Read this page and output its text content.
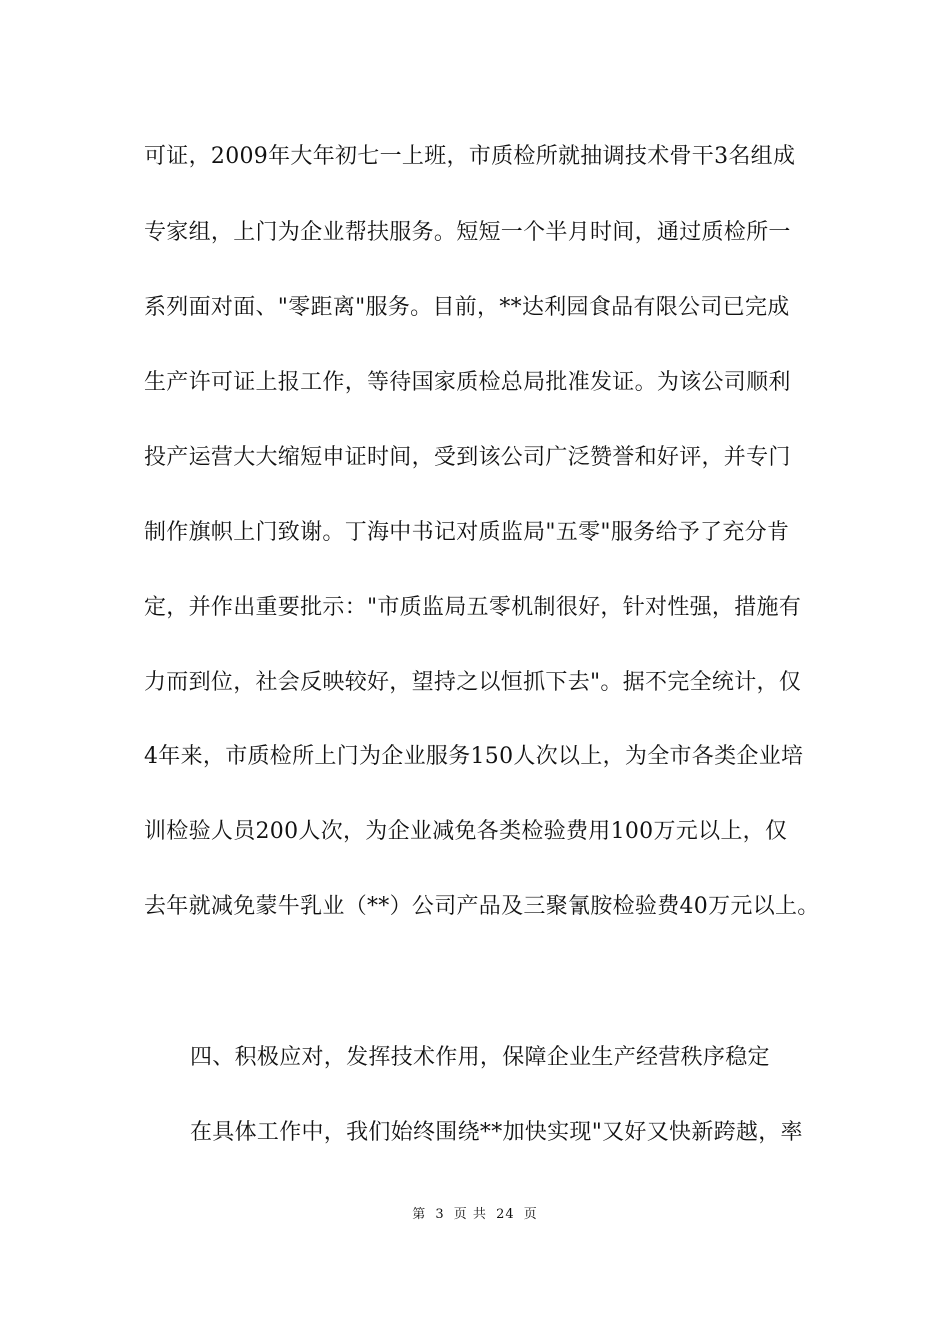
可证，2009年大年初七一上班，市质检所就抽调技术骨干3名组成
专家组，上门为企业帮扶服务。短短一个半月时间，通过质检所一
系列面对面、"零距离"服务。目前，**达利园食品有限公司已完成
生产许可证上报工作，等待国家质检总局批准发证。为该公司顺利
投产运营大大缩短申证时间，受到该公司广泛赞誉和好评，并专门
制作旗帜上门致谢。丁海中书记对质监局"五零"服务给予了充分肯
定，并作出重要批示："市质监局五零机制很好，针对性强，措施有
力而到位，社会反映较好，望持之以恒抓下去"。据不完全统计，仅
4年来，市质检所上门为企业服务150人次以上，为全市各类企业培
训检验人员200人次，为企业减免各类检验费用100万元以上，仅
去年就减免蒙牛乳业（**）公司产品及三聚氰胺检验费40万元以上。
四、积极应对，发挥技术作用，保障企业生产经营秩序稳定
在具体工作中，我们始终围绕**加快实现"又好又快新跨越，率
第 3 页 共 24 页
